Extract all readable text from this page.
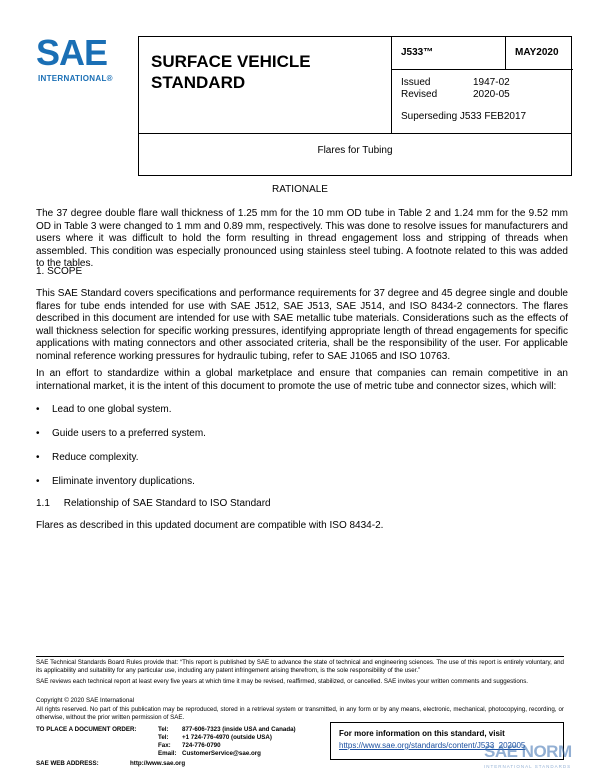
SAE
INTERNATIONAL®
SURFACE VEHICLE STANDARD
J533™	MAY2020
Issued	1947-02
Revised	2020-05
Superseding J533 FEB2017
Flares for Tubing
RATIONALE
The 37 degree double flare wall thickness of 1.25 mm for the 10 mm OD tube in Table 2 and 1.24 mm for the 9.52 mm OD in Table 3 were changed to 1 mm and 0.89 mm, respectively. This was done to resolve issues for manufacturers and users where it was difficult to hold the form resulting in thread engagement loss and stripping of threads when assembled. This condition was especially pronounced using stainless steel tubing. A footnote related to this was added to the tables.
1. SCOPE
This SAE Standard covers specifications and performance requirements for 37 degree and 45 degree single and double flares for tube ends intended for use with SAE J512, SAE J513, SAE J514, and ISO 8434-2 connectors. The flares described in this document are intended for use with SAE metallic tube materials. Considerations such as the effects of wall thickness selection for specific working pressures, identifying appropriate length of thread engagements for specific applications with mating connectors and other associated criteria, shall be the responsibility of the user. For applicable nominal reference working pressures for hydraulic tubing, refer to SAE J1065 and ISO 10763.
In an effort to standardize within a global marketplace and ensure that companies can remain competitive in an international market, it is the intent of this document to promote the use of metric tube and connector sizes, which will:
• Lead to one global system.
• Guide users to a preferred system.
• Reduce complexity.
• Eliminate inventory duplications.
1.1     Relationship of SAE Standard to ISO Standard
Flares as described in this updated document are compatible with ISO 8434-2.
SAE Technical Standards Board Rules provide that: “This report is published by SAE to advance the state of technical and engineering sciences. The use of this report is entirely voluntary, and its applicability and suitability for any particular use, including any patent infringement arising therefrom, is the sole responsibility of the user.”
SAE reviews each technical report at least every five years at which time it may be revised, reaffirmed, stabilized, or cancelled. SAE invites your written comments and suggestions.
Copyright © 2020 SAE International
All rights reserved. No part of this publication may be reproduced, stored in a retrieval system or transmitted, in any form or by any means, electronic, mechanical, photocopying, recording, or otherwise, without the prior written permission of SAE.
TO PLACE A DOCUMENT ORDER:	Tel: 877-606-7323 (inside USA and Canada)
Tel: +1 724-776-4970 (outside USA)
Fax: 724-776-0790
Email: CustomerService@sae.org
SAE WEB ADDRESS:	http://www.sae.org
For more information on this standard, visit
https://www.sae.org/standards/content/J533_202005
SAE NORM
INTERNATIONAL STANDARDS
